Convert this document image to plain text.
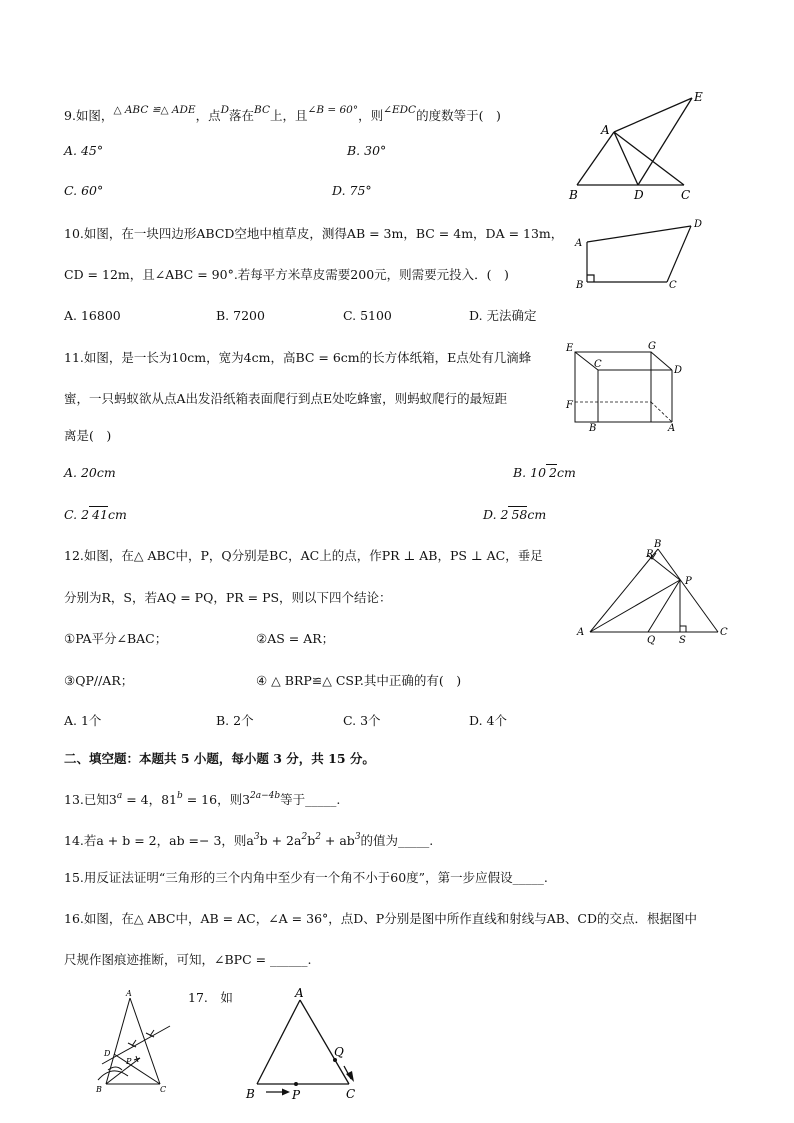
9.如图，$^{\triangle ABC ≌\triangle ADE}$，点$^D$落在$^{BC}$上，且$^{\angle B = 60^\circ}$，则$^{\angle EDC}$的度数等于(　)
A. 45°	B. 30°
C. 60°	D. 75°
A
B	D	C
E
10.如图，在一块四边形ABCD空地中植草皮，测得AB = 3m，BC = 4m，DA = 13m，
CD = 12m，且∠ABC = 90°.若每平方米草皮需要200元，则需要元投入．(　)
A. 16800	B. 7200	C. 5100	D. 无法确定
A
B	C
D
11.如图，是一长为10cm，宽为4cm，高BC = 6cm的长方体纸箱，E点处有几滴蜂
蜜，一只蚂蚁欲从点A出发沿纸箱表面爬行到点E处吃蜂蜜，则蚂蚁爬行的最短距
离是(　)
A. 20cm	B. 10 2cm
C. 2 41cm	D. 2 58cm
E
C
G
D
F
B	A
12.如图，在△ ABC中，P，Q分别是BC，AC上的点，作PR ⊥ AB，PS ⊥ AC，垂足
分别为R，S，若AQ = PQ，PR = PS，则以下四个结论：
①PA平分∠BAC；	②AS = AR；
③QP//AR；	④ △ BRP≌△ CSP.其中正确的有(　)
A. 1个	B. 2个	C. 3个	D. 4个
B
R
P
A
Q S
C
二、填空题：本题共 5 小题，每小题 3 分，共 15 分。
13.已知$3^a = 4$，$81^b = 16$，则$3^{2a-4b}$等于_____.
14.若a + b = 2，ab =− 3，则$a^3b + 2a^2b^2 + ab^3$的值为_____.
15.用反证法证明“三角形的三个内角中至少有一个角不小于60度”，第一步应假设_____.
16.如图，在△ ABC中，AB = AC，∠A = 36°，点D、P分别是图中所作直线和射线与AB、CD的交点．根据图中
尺规作图痕迹推断，可知，∠BPC = ______.
A
D
P
B	C
17.　如	A
Q
B	P	C
